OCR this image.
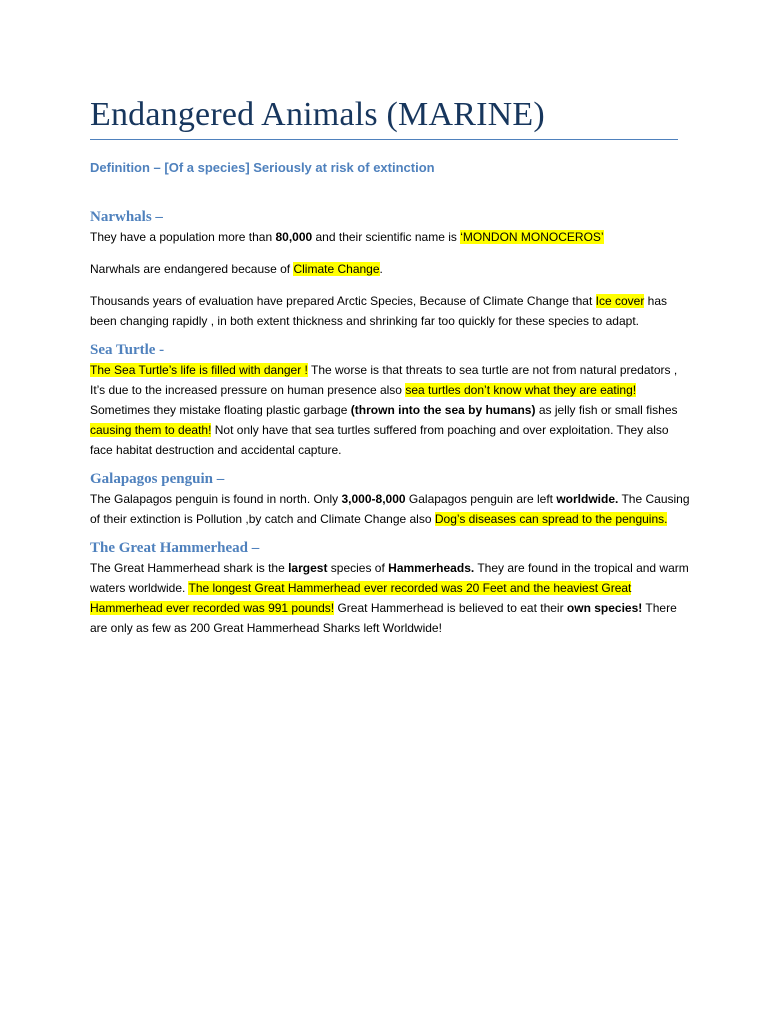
Endangered Animals (MARINE)
Definition – [Of a species] Seriously at risk of extinction
Narwhals –

They have a population more than 80,000 and their scientific name is ‘MONDON MONOCEROS’

Narwhals are endangered because of Climate Change.

Thousands years of evaluation have prepared Arctic Species, Because of Climate Change that Ice cover has been changing rapidly , in both extent thickness and shrinking far too quickly for these species to adapt.

Sea Turtle -

The Sea Turtle’s life is filled with danger ! The worse is that threats to sea turtle are not from natural predators , It’s due to the increased pressure on human presence also sea turtles don’t know what they are eating! Sometimes they mistake floating plastic garbage (thrown into the sea by humans) as jelly fish or small fishes causing them to death! Not only have that sea turtles suffered from poaching and over exploitation. They also face habitat destruction and accidental capture.

Galapagos penguin –

The Galapagos penguin is found in north. Only 3,000-8,000 Galapagos penguin are left worldwide. The Causing of their extinction is Pollution ,by catch and Climate Change also Dog’s diseases can spread to the penguins.

The Great Hammerhead –

The Great Hammerhead shark is the largest species of Hammerheads. They are found in the tropical and warm waters worldwide. The longest Great Hammerhead ever recorded was 20 Feet and the heaviest Great Hammerhead ever recorded was 991 pounds! Great Hammerhead is believed to eat their own species! There are only as few as 200 Great Hammerhead Sharks left Worldwide!
